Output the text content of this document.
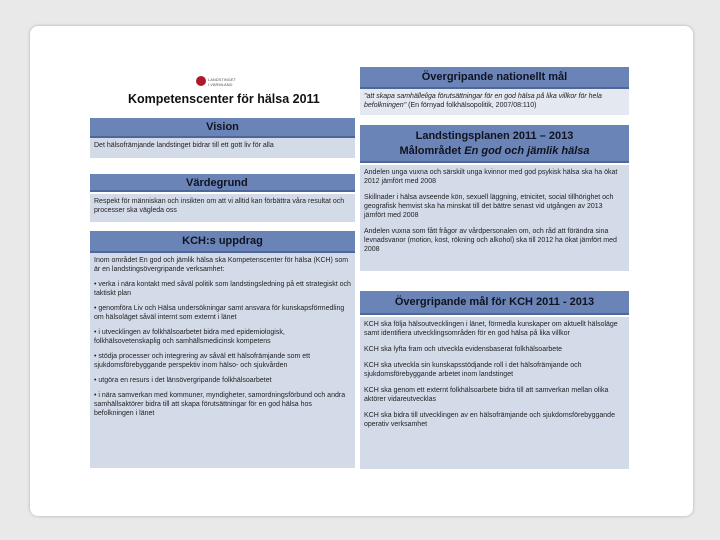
LANDSTINGET
I VÄRMLAND
Kompetenscenter för hälsa 2011
Vision

Det hälsofrämjande landstinget bidrar till ett gott liv för alla

Värdegrund

Respekt för människan och insikten om att vi alltid kan förbättra våra resultat och processer ska vägleda oss

KCH:s uppdrag

Inom området En god och jämlik hälsa ska Kompetenscenter för hälsa (KCH) som är en landstingsövergripande verksamhet:

• verka i nära kontakt med såväl politik som landstingsledning på ett strategiskt och taktiskt plan

• genomföra Liv och Hälsa undersökningar samt ansvara för kunskapsförmedling om hälsoläget såväl internt som externt i länet

• i utvecklingen av folkhälsoarbetet bidra med epidemiologisk, folkhälsovetenskaplig och samhällsmedicinsk kompetens

• stödja processer och integrering av såväl ett hälsofrämjande som ett sjukdomsförebyggande perspektiv inom hälso- och sjukvården

• utgöra en resurs i det länsövergripande folkhälsoarbetet

• i nära samverkan med kommuner, myndigheter, samordningsförbund och andra samhällsaktörer bidra till att skapa förutsättningar för en god hälsa hos befolkningen i länet

Övergripande nationellt mål

"att skapa samhälleliga förutsättningar för en god hälsa på lika villkor för hela befolkningen" (En förnyad folkhälsopolitik, 2007/08:110)

Landstingsplanen 2011 – 2013
Målområdet En god och jämlik hälsa

Andelen unga vuxna och särskilt unga kvinnor med god psykisk hälsa ska ha ökat 2012 jämfört med 2008

Skillnader i hälsa avseende kön, sexuell läggning, etnicitet, social tillhörighet och geografisk hemvist ska ha minskat till det bättre senast vid utgången av 2013 jämfört med 2008

Andelen vuxna som fått frågor av vårdpersonalen om, och råd att förändra sina levnadsvanor (motion, kost, rökning och alkohol) ska till 2012 ha ökat jämfört med 2008

Övergripande mål för KCH 2011 - 2013

KCH ska följa hälsoutvecklingen i länet, förmedla kunskaper om aktuellt hälsoläge samt identifiera utvecklingsområden för en god hälsa på lika villkor

KCH ska lyfta fram och utveckla evidensbaserat folkhälsoarbete

KCH ska utveckla sin kunskapsstödjande roll i det hälsofrämjande och sjukdomsförebyggande arbetet inom landstinget

KCH ska genom ett externt folkhälsoarbete bidra till att samverkan mellan olika aktörer vidareutvecklas

KCH ska bidra till utvecklingen av en hälsofrämjande och sjukdomsförebyggande operativ verksamhet
